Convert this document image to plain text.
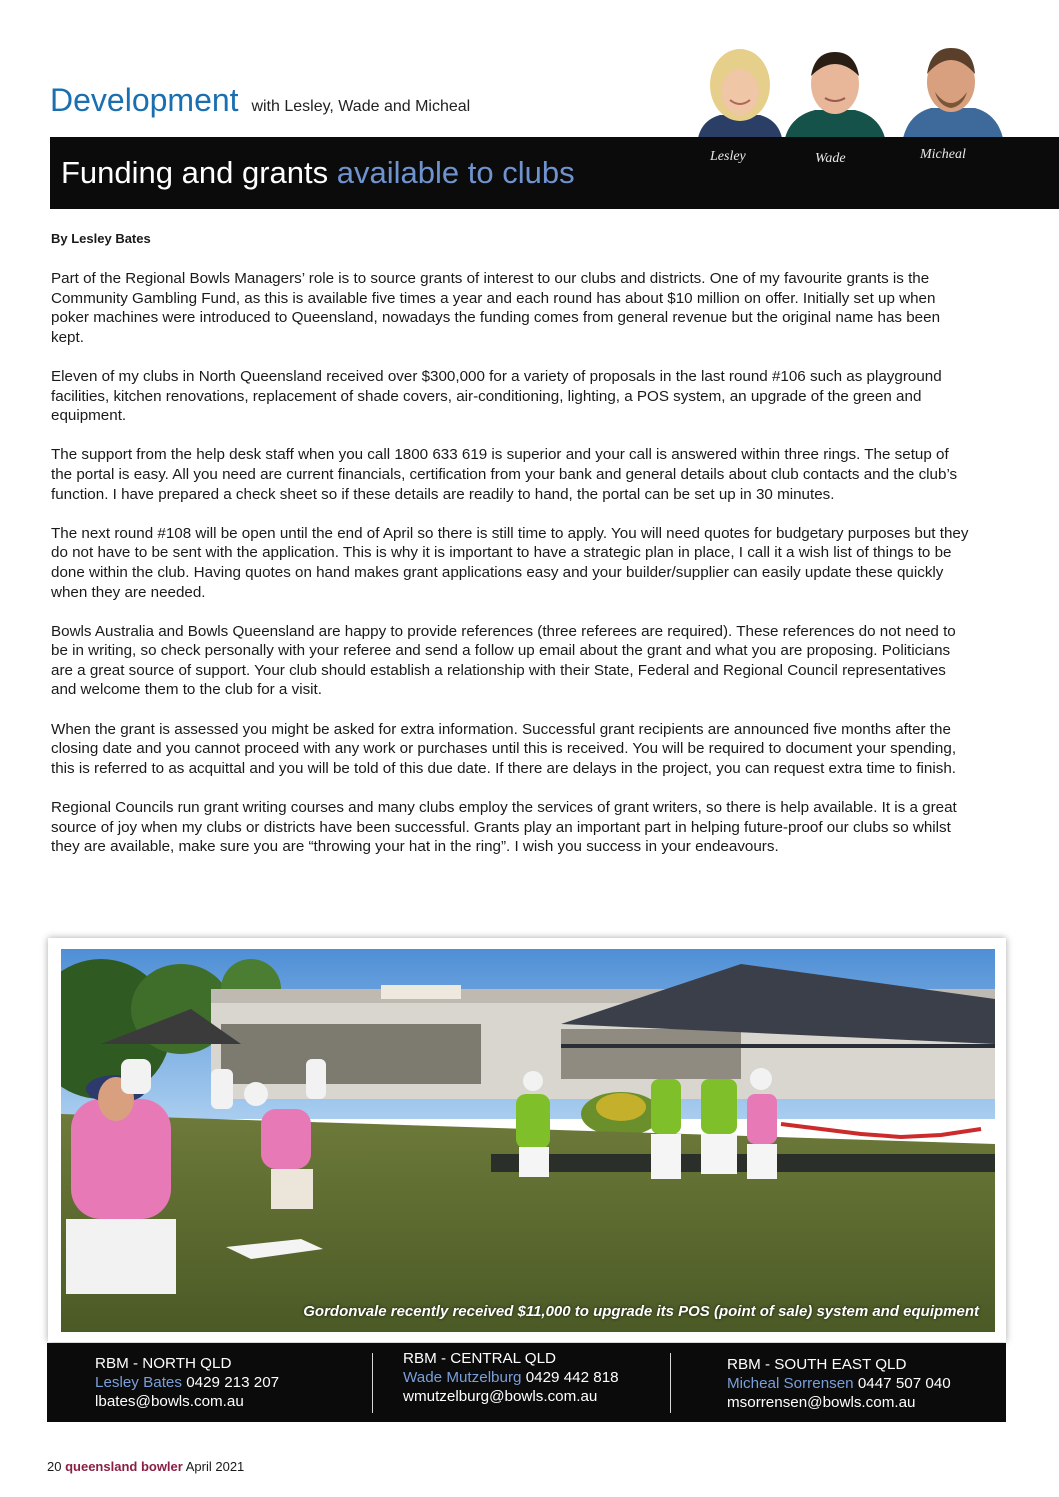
Development with Lesley, Wade and Micheal
Funding and grants available to clubs	Lesley	Wade	Micheal
By Lesley Bates

Part of the Regional Bowls Managers’ role is to source grants of interest to our clubs and districts. One of my favourite grants is the Community Gambling Fund, as this is available five times a year and each round has about $10 million on offer. Initially set up when poker machines were introduced to Queensland, nowadays the funding comes from general revenue but the original name has been kept.

Eleven of my clubs in North Queensland received over $300,000 for a variety of proposals in the last round #106 such as playground facilities, kitchen renovations, replacement of shade covers, air-conditioning, lighting, a POS system, an upgrade of the green and equipment.

The support from the help desk staff when you call 1800 633 619 is superior and your call is answered within three rings. The setup of the portal is easy. All you need are current financials, certification from your bank and general details about club contacts and the club’s function. I have prepared a check sheet so if these details are readily to hand, the portal can be set up in 30 minutes.

The next round #108 will be open until the end of April so there is still time to apply. You will need quotes for budgetary purposes but they do not have to be sent with the application. This is why it is important to have a strategic plan in place, I call it a wish list of things to be done within the club. Having quotes on hand makes grant applications easy and your builder/supplier can easily update these quickly when they are needed.

Bowls Australia and Bowls Queensland are happy to provide references (three referees are required). These references do not need to be in writing, so check personally with your referee and send a follow up email about the grant and what you are proposing. Politicians are a great source of support. Your club should establish a relationship with their State, Federal and Regional Council representatives and welcome them to the club for a visit.

When the grant is assessed you might be asked for extra information. Successful grant recipients are announced five months after the closing date and you cannot proceed with any work or purchases until this is received. You will be required to document your spending, this is referred to as acquittal and you will be told of this due date. If there are delays in the project, you can request extra time to finish.

Regional Councils run grant writing courses and many clubs employ the services of grant writers, so there is help available. It is a great source of joy when my clubs or districts have been successful. Grants play an important part in helping future-proof our clubs so whilst they are available, make sure you are “throwing your hat in the ring”. I wish you success in your endeavours.

Gordonvale recently received $11,000 to upgrade its POS (point of sale) system and equipment
RBM - NORTH QLD
Lesley Bates 0429 213 207
lbates@bowls.com.au
RBM - CENTRAL QLD
Wade Mutzelburg 0429 442 818
wmutzelburg@bowls.com.au
RBM - SOUTH EAST QLD
Micheal Sorrensen 0447 507 040
msorrensen@bowls.com.au
20 queensland bowler April 2021
